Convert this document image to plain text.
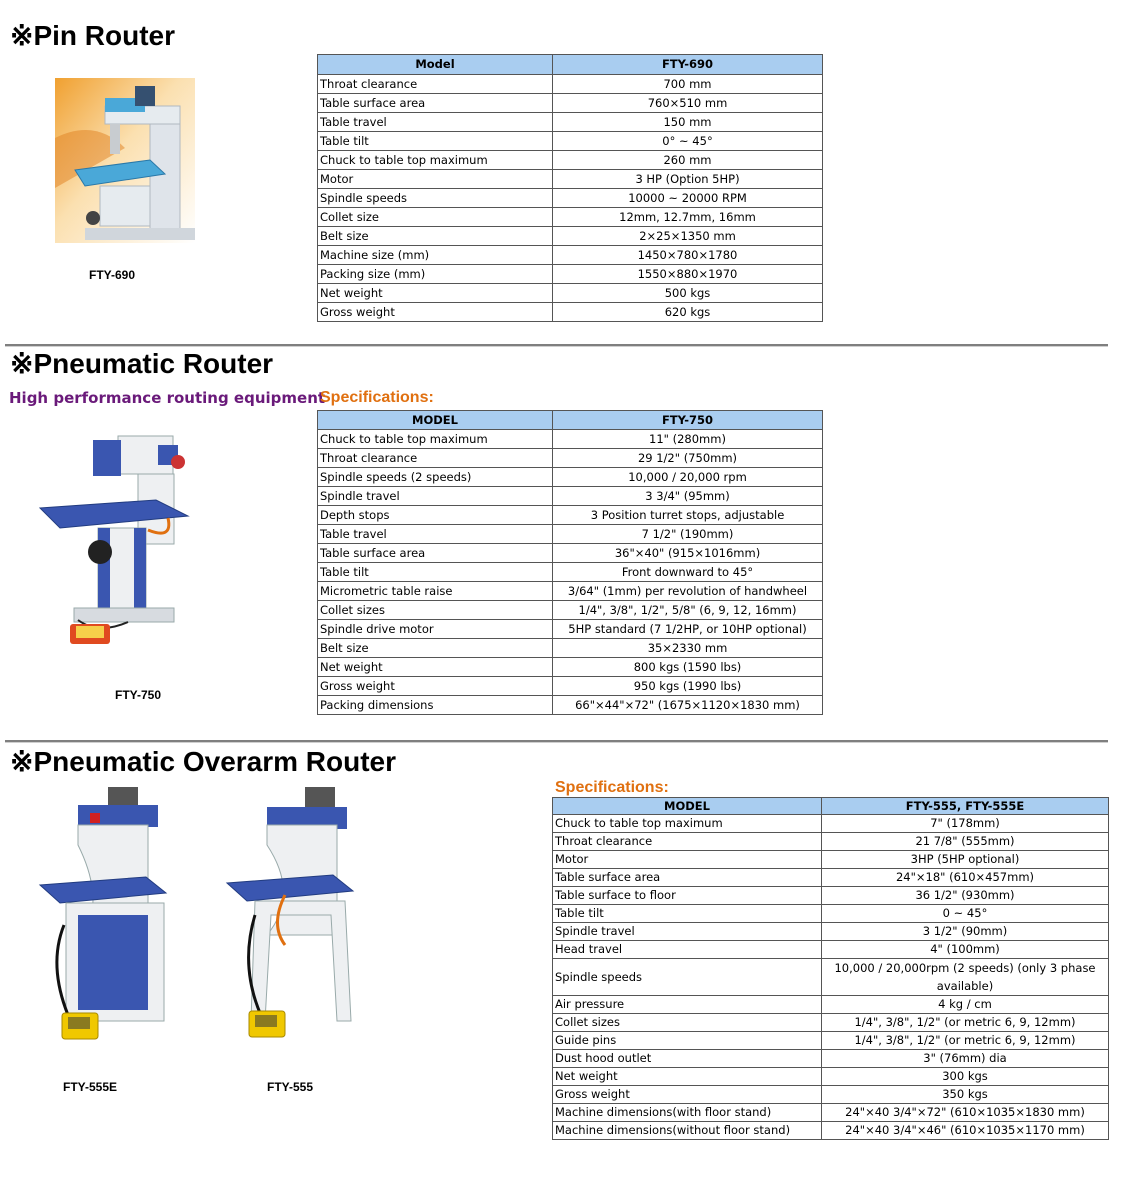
※Pin Router
FTY-690
Model	FTY-690
Throat clearance	700 mm
Table surface area	760×510 mm
Table travel	150 mm
Table tilt	0° ~ 45°
Chuck to table top maximum	260 mm
Motor	3 HP (Option 5HP)
Spindle speeds	10000 ~ 20000 RPM
Collet size	12mm, 12.7mm, 16mm
Belt size	2×25×1350 mm
Machine size (mm)	1450×780×1780
Packing size (mm)	1550×880×1970
Net weight	500 kgs
Gross weight	620 kgs
※Pneumatic Router
High performance routing equipment
Specifications:
FTY-750
MODEL	FTY-750
Chuck to table top maximum	11" (280mm)
Throat clearance	29 1/2" (750mm)
Spindle speeds (2 speeds)	10,000 / 20,000 rpm
Spindle travel	3 3/4" (95mm)
Depth stops	3 Position turret stops, adjustable
Table travel	7 1/2" (190mm)
Table surface area	36"×40" (915×1016mm)
Table tilt	Front downward to 45°
Micrometric table raise	3/64" (1mm) per revolution of handwheel
Collet sizes	1/4", 3/8", 1/2", 5/8" (6, 9, 12, 16mm)
Spindle drive motor	5HP standard (7 1/2HP, or 10HP optional)
Belt size	35×2330 mm
Net weight	800 kgs (1590 lbs)
Gross weight	950 kgs (1990 lbs)
Packing dimensions	66"×44"×72" (1675×1120×1830 mm)
※Pneumatic Overarm Router
Specifications:
FTY-555E	FTY-555
MODEL	FTY-555, FTY-555E
Chuck to table top maximum	7" (178mm)
Throat clearance	21 7/8" (555mm)
Motor	3HP (5HP optional)
Table surface area	24"×18" (610×457mm)
Table surface to floor	36 1/2" (930mm)
Table tilt	0 ~ 45°
Spindle travel	3 1/2" (90mm)
Head travel	4" (100mm)
Spindle speeds	10,000 / 20,000rpm (2 speeds) (only 3 phase available)
Air pressure	4 kg / cm
Collet sizes	1/4", 3/8", 1/2" (or metric 6, 9, 12mm)
Guide pins	1/4", 3/8", 1/2" (or metric 6, 9, 12mm)
Dust hood outlet	3" (76mm) dia
Net weight	300 kgs
Gross weight	350 kgs
Machine dimensions(with floor stand)	24"×40 3/4"×72" (610×1035×1830 mm)
Machine dimensions(without floor stand)	24"×40 3/4"×46" (610×1035×1170 mm)
